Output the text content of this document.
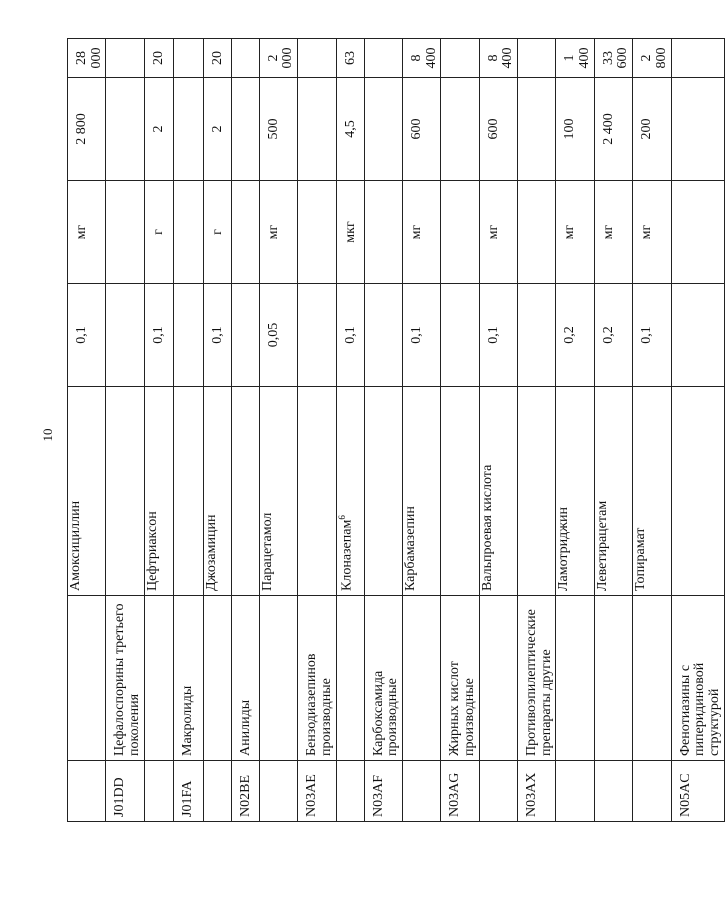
10
		Амоксициллин	0,1	мг	2 800	28 000
J01DD	Цефалоспорины третьего поколения					
		Цефтриаксон	0,1	г	2	20
J01FA	Макролиды					
		Джозамицин	0,1	г	2	20
N02BE	Анилиды					
		Парацетамол	0,05	мг	500	2 000
N03AE	Бензодиазепинов производные					
		Клоназепам$^6$	0,1	мкг	4,5	63
N03AF	Карбоксамида производные					
		Карбамазепин	0,1	мг	600	8 400
N03AG	Жирных кислот производные					
		Вальпроевая кислота	0,1	мг	600	8 400
N03AX	Противоэпилептические препараты другие					
		Ламотриджин	0,2	мг	100	1 400
		Леветирацетам	0,2	мг	2 400	33 600
		Топирамат	0,1	мг	200	2 800
N05AC	Фенотиазины с пиперидиновой структурой					
